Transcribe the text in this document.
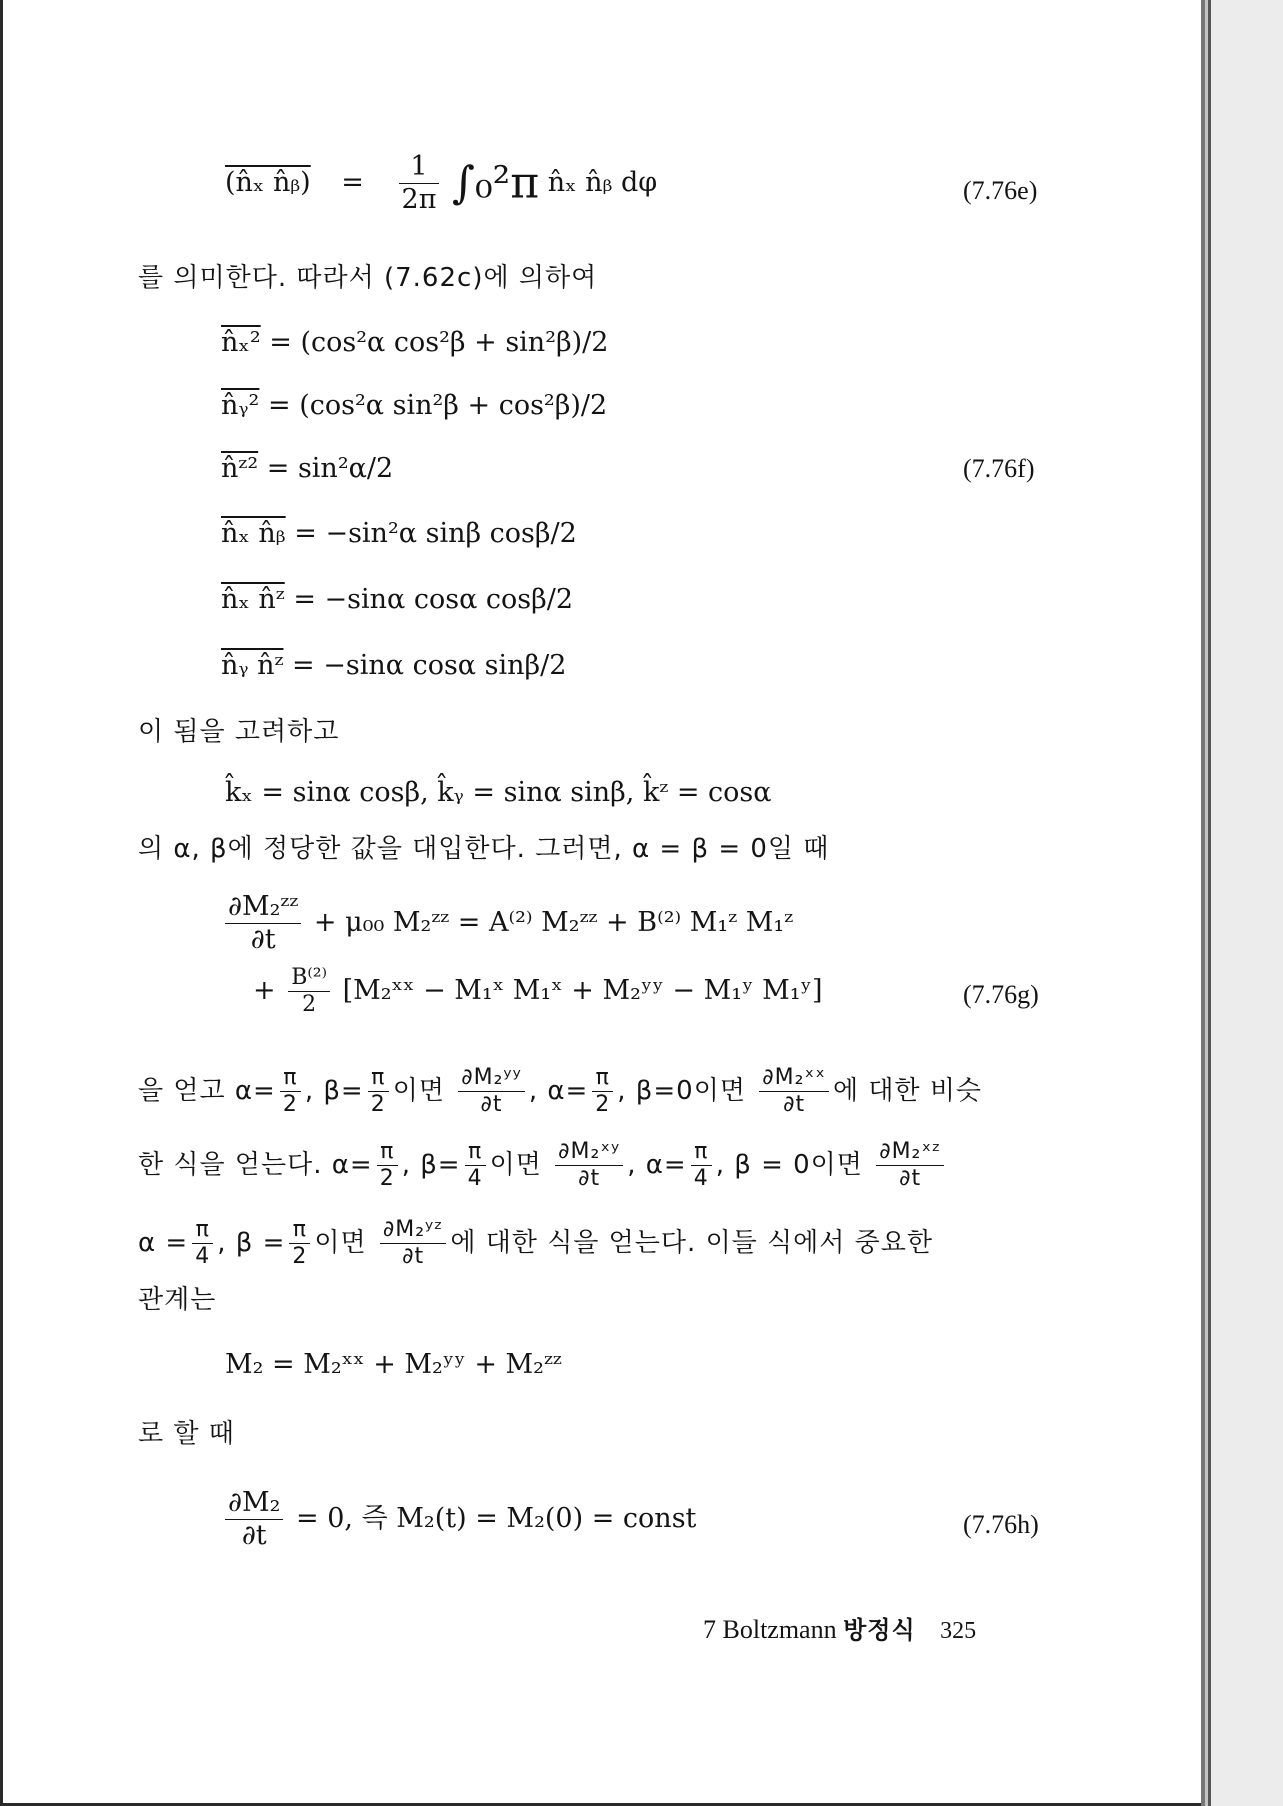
(n̂ₓ n̂ᵦ) = $\frac{1}{2\pi} \int_0^2\pi$ n̂ₓ n̂ᵦ dφ	(7.76e)
를 의미한다. 따라서 (7.62c)에 의하여
n̂ₓ² = (cos²α cos²β + sin²β)/2
n̂ᵧ² = (cos²α sin²β + cos²β)/2
n̂ᶻ² = sin²α/2
n̂ₓ n̂ᵦ = −sin²α sinβ cosβ/2
n̂ₓ n̂ᶻ = −sinα cosα cosβ/2
n̂ᵧ n̂ᶻ = −sinα cosα sinβ/2
(7.76f)
이 됨을 고려하고
k̂ₓ = sinα cosβ, k̂ᵧ = sinα sinβ, k̂ᶻ = cosα
의 α, β에 정당한 값을 대입한다. 그러면, α = β = 0일 때
$\frac{\text{∂M₂ᶻᶻ}}{\partial t} + \mu_{00}$ M₂ᶻᶻ = A⁽²⁾ M₂ᶻᶻ + B⁽²⁾ M₁ᶻ M₁ᶻ
+ $\frac{\text{B⁽²⁾}}{2}$ [M₂ˣˣ − M₁ˣ M₁ˣ + M₂ʸʸ − M₁ʸ M₁ʸ]	(7.76g)
을 얻고 $\alpha= \frac{\pi}{2}$ , $\beta= \frac{\pi}{2}$ 이면 $\frac{\text{∂M₂ʸʸ}}{\partial t}$ , $\alpha= \frac{\pi}{2}$ , β=0이면 $\frac{\text{∂M₂ˣˣ}}{\partial t}$ 에 대한 비슷
한 식을 얻는다. $\alpha= \frac{\pi}{2}$ , $\beta= \frac{\pi}{4}$ 이면 $\frac{\text{∂M₂ˣʸ}}{\partial t}$ , $\alpha= \frac{\pi}{4}$ , β = 0이면 $\frac{\text{∂M₂ˣᶻ}}{\partial t}$
$\alpha = \frac{\pi}{4}$ , $\beta = \frac{\pi}{2}$ 이면 $\frac{\text{∂M₂ʸᶻ}}{\partial t}$ 에 대한 식을 얻는다. 이들 식에서 중요한
관계는
M₂ = M₂ˣˣ + M₂ʸʸ + M₂ᶻᶻ
로 할 때
$\frac{\text{∂M₂}}{\partial t} = 0$, 즉 M₂(t) = M₂(0) = const	(7.76h)
7 Boltzmann 방정식 325
